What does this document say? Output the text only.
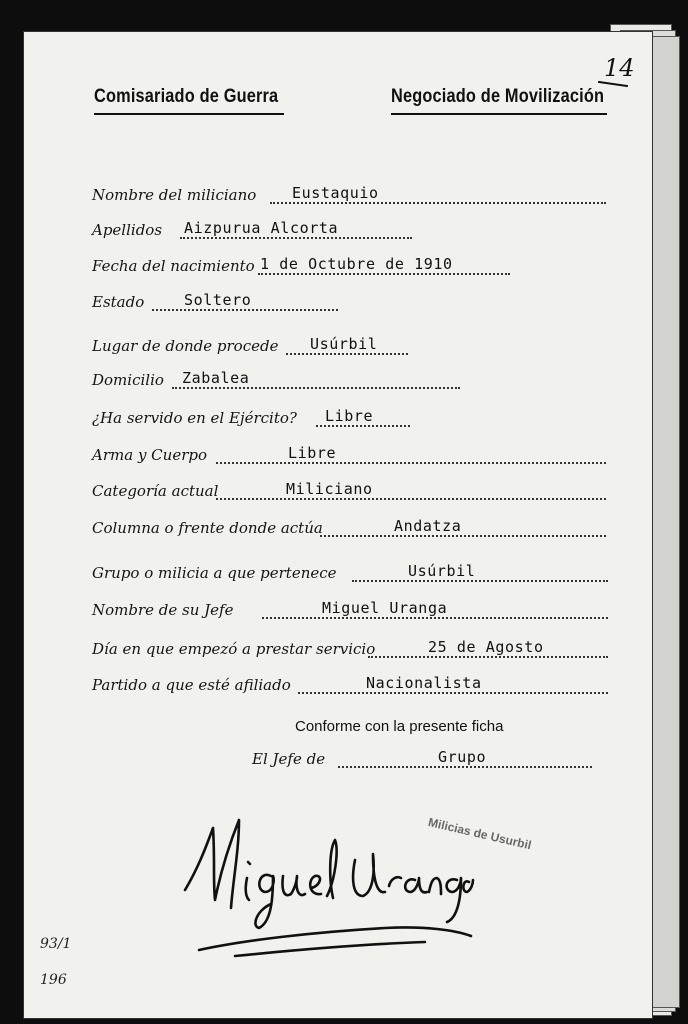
Comisariado de Guerra	Negociado de Movilización
14
Nombre del miliciano Eustaquio
Apellidos Aizpurua Alcorta
Fecha del nacimiento 1 de Octubre de 1910
Estado	Soltero
Lugar de donde procede Usúrbil
Domicilio Zabalea
¿Ha servido en el Ejército? Libre
Arma y Cuerpo	Libre
Categoría actual	Miliciano
Columna o frente donde actúa	Andatza
Grupo o milicia a que pertenece	Usúrbil
Nombre de su Jefe	Miguel Uranga
Día en que empezó a prestar servicio	25 de Agosto
Partido a que esté afiliado	Nacionalista
Conforme con la presente ficha
El Jefe de	Grupo
Milicias de Usurbil
93/1
196
